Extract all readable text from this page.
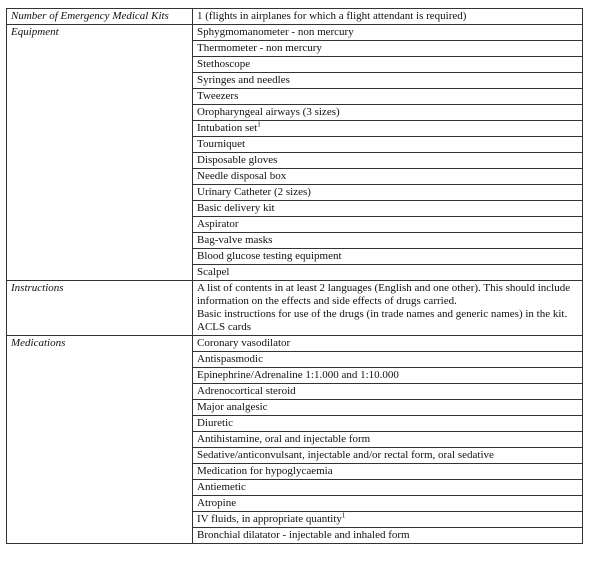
Number of Emergency Medical Kits	1 (flights in airplanes for which a flight attendant is required)
Equipment	Sphygmomanometer - non mercury
	Thermometer - non mercury
	Stethoscope
	Syringes and needles
	Tweezers
	Oropharyngeal airways (3 sizes)
	Intubation set$^1$
	Tourniquet
	Disposable gloves
	Needle disposal box
	Urinary Catheter (2 sizes)
	Basic delivery kit
	Aspirator
	Bag-valve masks
	Blood glucose testing equipment
	Scalpel
Instructions	A list of contents in at least 2 languages (English and one other). This should include information on the effects and side effects of drugs carried.
Basic instructions for use of the drugs (in trade names and generic names) in the kit. ACLS cards

Medications	Coronary vasodilator
	Antispasmodic
	Epinephrine/Adrenaline 1:1.000 and 1:10.000
	Adrenocortical steroid
	Major analgesic
	Diuretic
	Antihistamine, oral and injectable form
	Sedative/anticonvulsant, injectable and/or rectal form, oral sedative
	Medication for hypoglycaemia
	Antiemetic
	Atropine
	IV fluids, in appropriate quantity$^1$
	Bronchial dilatator - injectable and inhaled form
